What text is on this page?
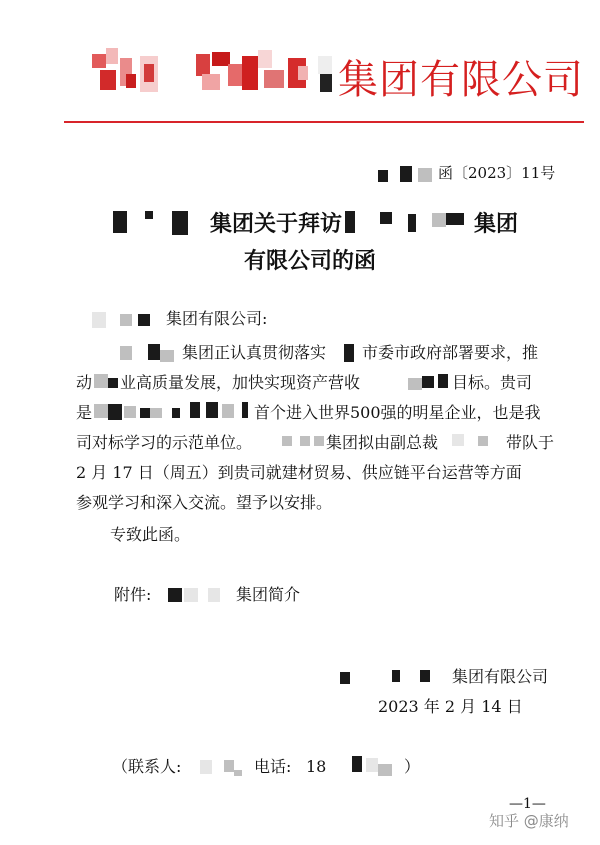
集团有限公司
函〔2023〕11号
集团关于拜访	集团
有限公司的函
集团有限公司:
集团正认真贯彻落实 市委市政府部署要求，推
动 业高质量发展，加快实现资产营收	目标。贵司
是	首个进入世界500强的明星企业，也是我
司对标学习的示范单位。	集团拟由副总裁	带队于
2 月 17 日（周五）到贵司就建材贸易、供应链平台运营等方面
参观学习和深入交流。望予以安排。
专致此函。
附件:	集团简介
集团有限公司
2023 年 2 月 14 日
（联系人:	电话: 18	）
—1—
知乎 @康纳
